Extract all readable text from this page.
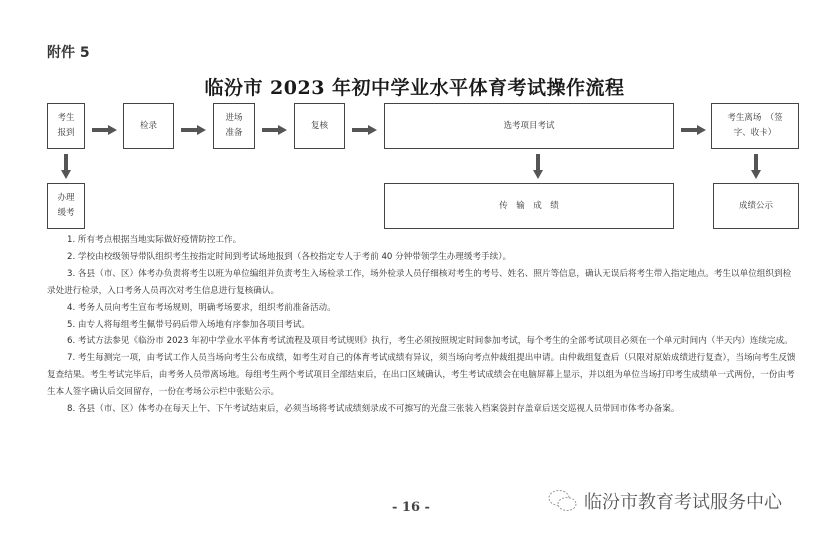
附件 5
临汾市 2023 年初中学业水平体育考试操作流程
考生
报到
检录
进场
准备
复核	选考项目考试
考生离场　（签
字、收卡）
办理
缓考
传　输　成　绩	成绩公示

1. 所有考点根据当地实际做好疫情防控工作。

2. 学校由校级领导带队组织考生按指定时间到考试场地报到（各校指定专人于考前 40 分钟带领学生办理缓考手续）。

3. 各县（市、区）体考办负责将考生以班为单位编组并负责考生入场检录工作，场外检录人员仔细核对考生的考号、姓名、照片等信息，确认无误后将考生带入指定地点。考生以单位组织到检录处进行检录，入口考务人员再次对考生信息进行复核确认。

4. 考务人员向考生宣布考场规则，明确考场要求，组织考前准备活动。

5. 由专人将每组考生佩带号码后带入场地有序参加各项目考试。

6. 考试方法参见《临汾市 2023 年初中学业水平体育考试流程及项目考试规则》执行，考生必须按照规定时间参加考试，每个考生的全部考试项目必须在一个单元时间内（半天内）连续完成。

7. 考生每测完一项，由考试工作人员当场向考生公布成绩，如考生对自己的体育考试成绩有异议，须当场向考点仲裁组提出申请。由仲裁组复查后（只限对原始成绩进行复查），当场向考生反馈复查结果。考生考试完毕后，由考务人员带离场地。每组考生两个考试项目全部结束后，在出口区域确认，考生考试成绩会在电脑屏幕上显示，并以组为单位当场打印考生成绩单一式两份，一份由考生本人签字确认后交回留存，一份在考场公示栏中张贴公示。

8. 各县（市、区）体考办在每天上午、下午考试结束后，必须当场将考试成绩刻录成不可擦写的光盘三张装入档案袋封存盖章后送交巡视人员带回市体考办备案。

- 16 -	临汾市教育考试服务中心
